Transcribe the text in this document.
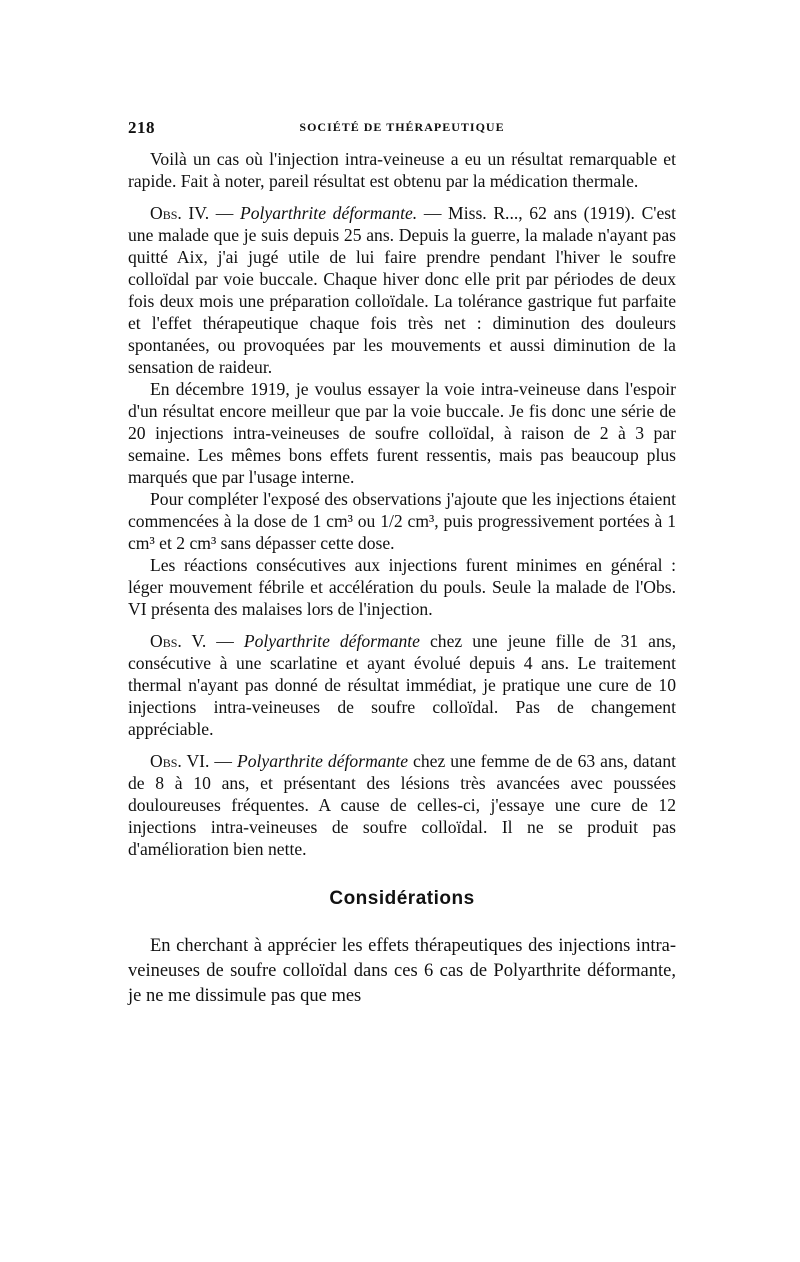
218	SOCIÉTÉ DE THÉRAPEUTIQUE

Voilà un cas où l'injection intra-veineuse a eu un résultat remarquable et rapide. Fait à noter, pareil résultat est obtenu par la médication thermale.

Obs. IV. — Polyarthrite déformante. — Miss. R..., 62 ans (1919). C'est une malade que je suis depuis 25 ans. Depuis la guerre, la malade n'ayant pas quitté Aix, j'ai jugé utile de lui faire prendre pendant l'hiver le soufre colloïdal par voie buccale. Chaque hiver donc elle prit par périodes de deux fois deux mois une préparation colloïdale. La tolérance gastrique fut parfaite et l'effet thérapeutique chaque fois très net : diminution des douleurs spontanées, ou provoquées par les mouvements et aussi diminution de la sensation de raideur.

En décembre 1919, je voulus essayer la voie intra-veineuse dans l'espoir d'un résultat encore meilleur que par la voie buccale. Je fis donc une série de 20 injections intra-veineuses de soufre colloïdal, à raison de 2 à 3 par semaine. Les mêmes bons effets furent ressentis, mais pas beaucoup plus marqués que par l'usage interne.

Pour compléter l'exposé des observations j'ajoute que les injections étaient commencées à la dose de 1 cm³ ou 1/2 cm³, puis progressivement portées à 1 cm³ et 2 cm³ sans dépasser cette dose.

Les réactions consécutives aux injections furent minimes en général : léger mouvement fébrile et accélération du pouls. Seule la malade de l'Obs. VI présenta des malaises lors de l'injection.

Obs. V. — Polyarthrite déformante chez une jeune fille de 31 ans, consécutive à une scarlatine et ayant évolué depuis 4 ans. Le traitement thermal n'ayant pas donné de résultat immédiat, je pratique une cure de 10 injections intra-veineuses de soufre colloïdal. Pas de changement appréciable.

Obs. VI. — Polyarthrite déformante chez une femme de de 63 ans, datant de 8 à 10 ans, et présentant des lésions très avancées avec poussées douloureuses fréquentes. A cause de celles-ci, j'essaye une cure de 12 injections intra-veineuses de soufre colloïdal. Il ne se produit pas d'amélioration bien nette.

Considérations

En cherchant à apprécier les effets thérapeutiques des injections intra-veineuses de soufre colloïdal dans ces 6 cas de Polyarthrite déformante, je ne me dissimule pas que mes
